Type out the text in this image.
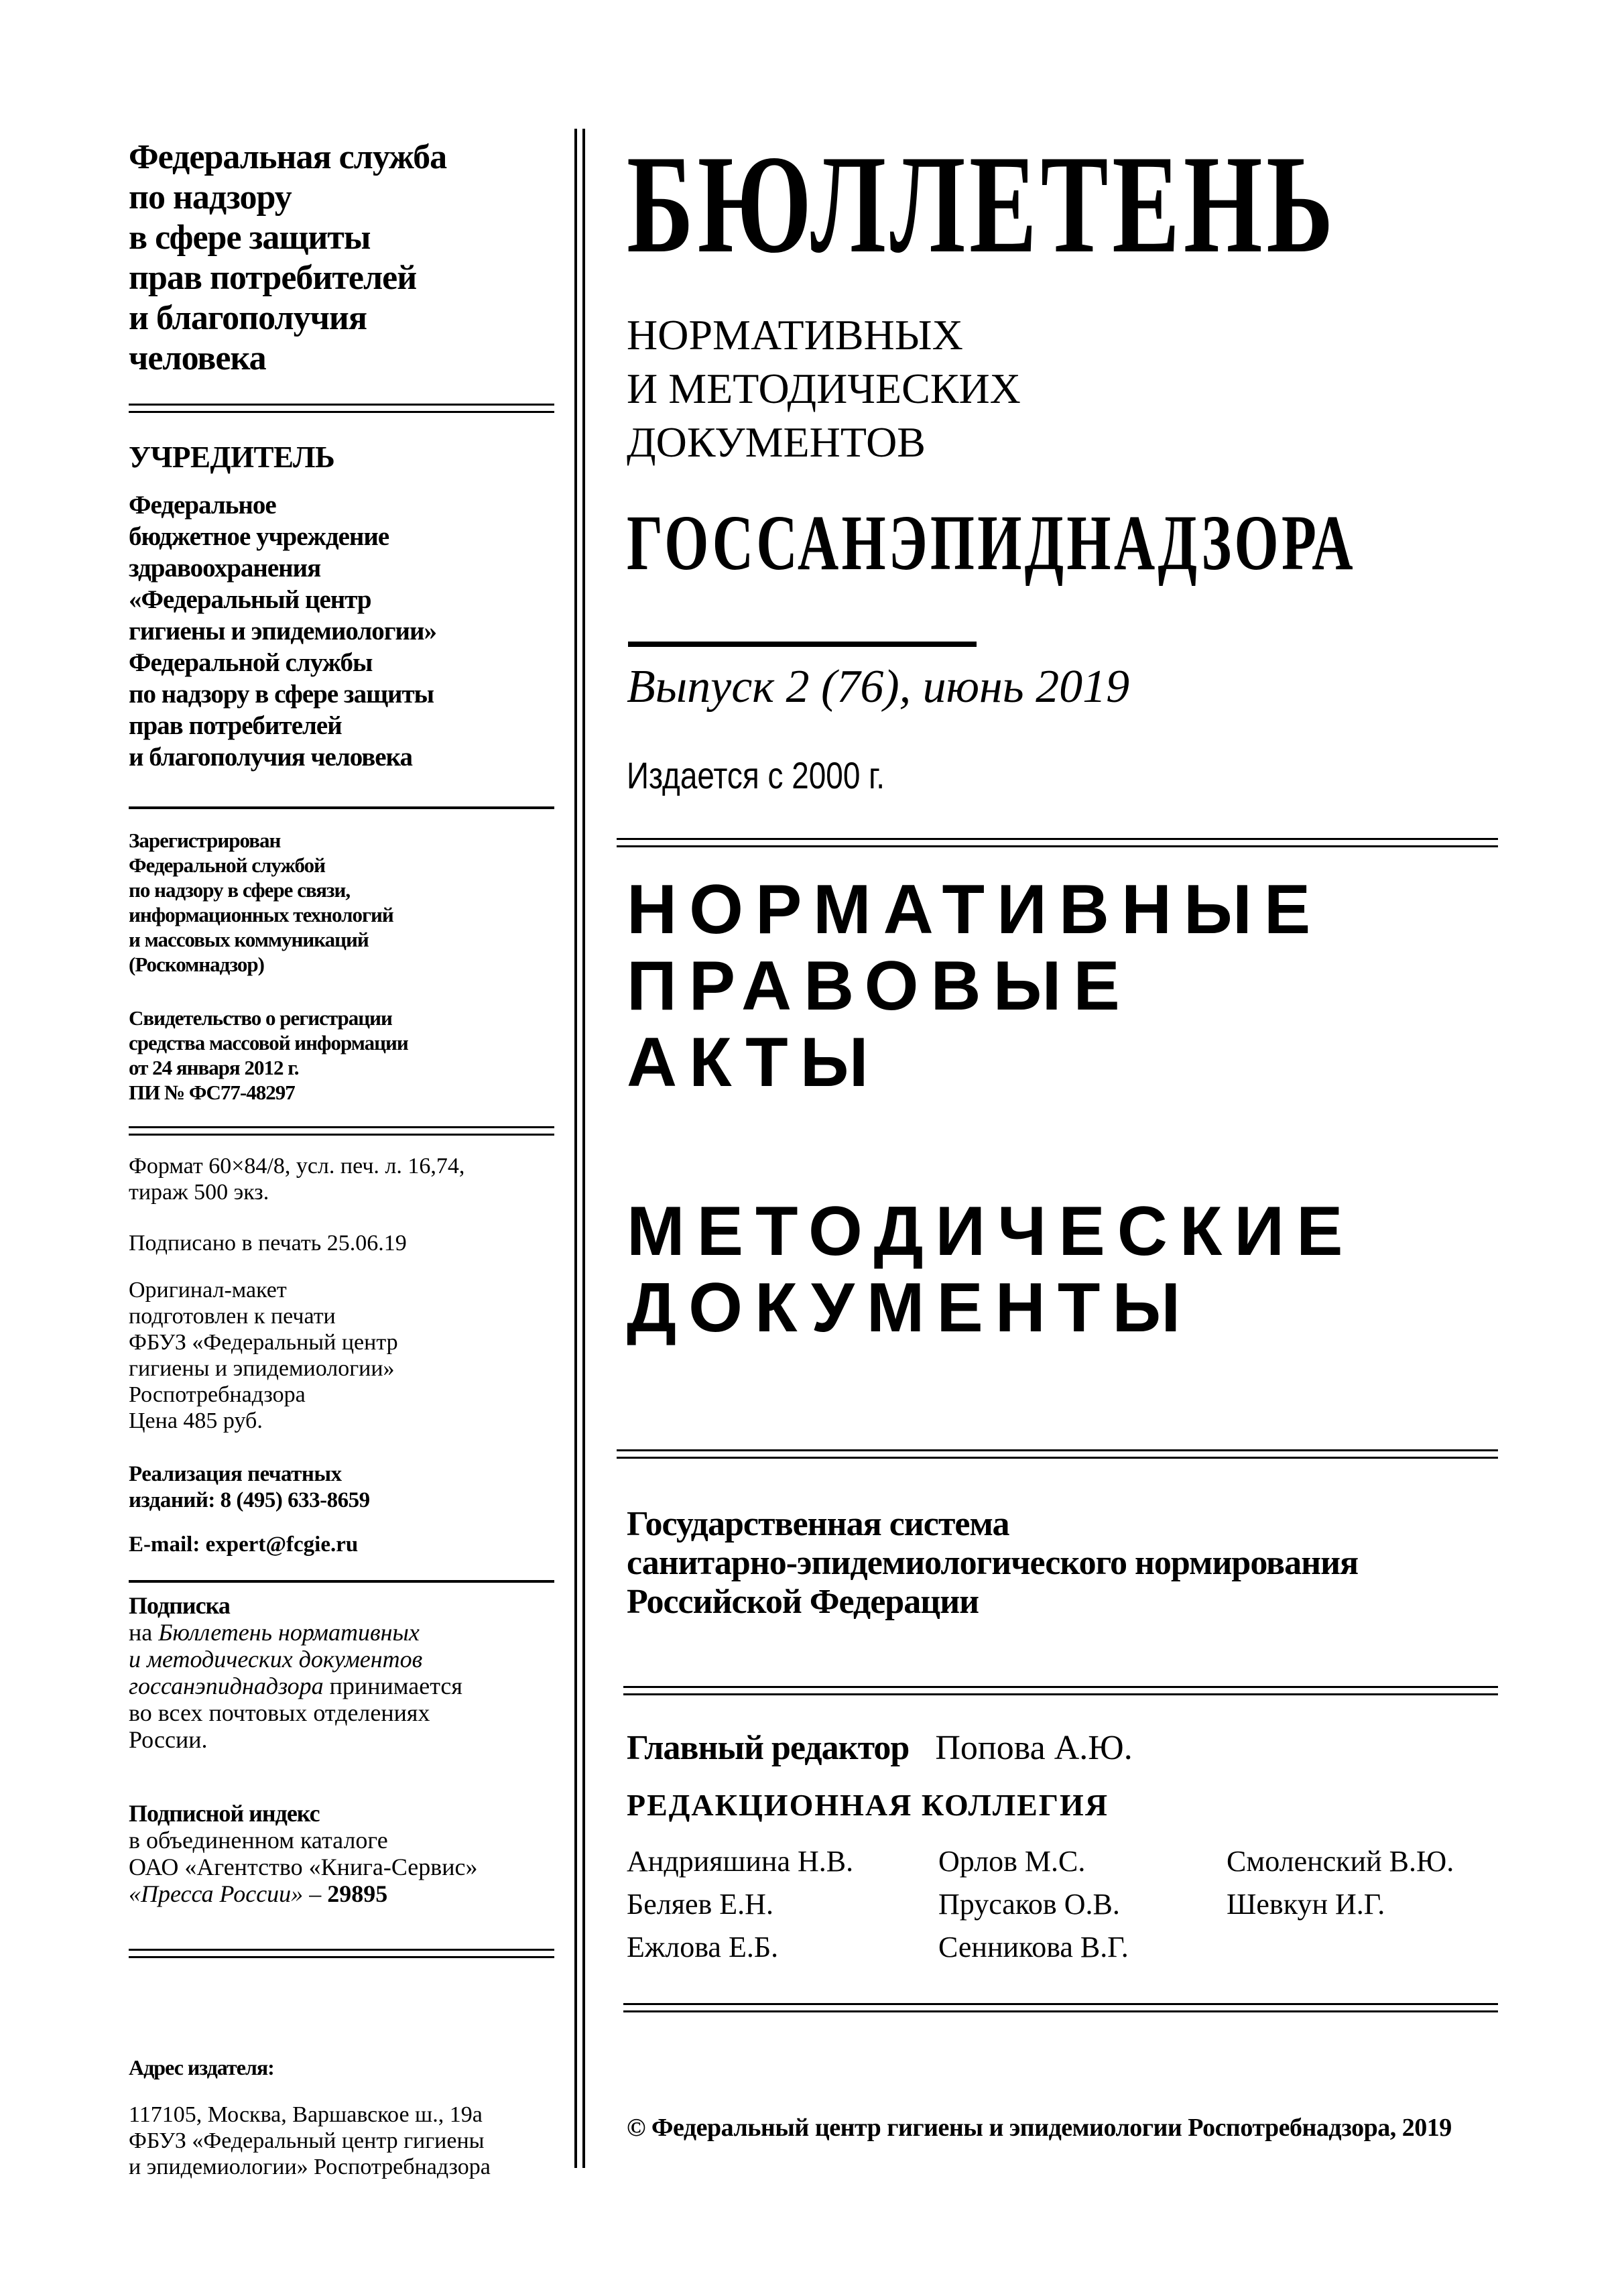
Федеральная служба
по надзору
в сфере защиты
прав потребителей
и благополучия
человека
УЧРЕДИТЕЛЬ
Федеральное
бюджетное учреждение
здравоохранения
«Федеральный центр
гигиены и эпидемиологии»
Федеральной службы
по надзору в сфере защиты
прав потребителей
и благополучия человека
Зарегистрирован
Федеральной службой
по надзору в сфере связи,
информационных технологий
и массовых коммуникаций
(Роскомнадзор)
Свидетельство о регистрации
средства массовой информации
от 24 января 2012 г.
ПИ № ФС77-48297
Формат 60×84/8, усл. печ. л. 16,74,
тираж 500 экз.
Подписано в печать 25.06.19
Оригинал-макет
подготовлен к печати
ФБУЗ «Федеральный центр
гигиены и эпидемиологии»
Роспотребнадзора
Цена 485 руб.
Реализация печатных
изданий: 8 (495) 633-8659
E-mail: expert@fcgie.ru
Подписка
на Бюллетень нормативных
и методических документов
госсанэпиднадзора принимается
во всех почтовых отделениях
России.
Подписной индекс
в объединенном каталоге
ОАО «Агентство «Книга-Сервис»
«Пресса России» – 29895
Адрес издателя:
117105, Москва, Варшавское ш., 19а
ФБУЗ «Федеральный центр гигиены
и эпидемиологии» Роспотребнадзора
БЮЛЛЕТЕНЬ
НОРМАТИВНЫХ
И МЕТОДИЧЕСКИХ
ДОКУМЕНТОВ
ГОССАНЭПИДНАДЗОРА
Выпуск 2 (76), июнь 2019
Издается с 2000 г.
НОРМАТИВНЫЕ
ПРАВОВЫЕ
АКТЫ
МЕТОДИЧЕСКИЕ
ДОКУМЕНТЫ
Государственная система
санитарно-эпидемиологического нормирования
Российской Федерации
Главный редактор Попова А.Ю.
РЕДАКЦИОННАЯ КОЛЛЕГИЯ
Андрияшина Н.В.	Орлов М.С.	Смоленский В.Ю.
Беляев Е.Н.	Прусаков О.В.	Шевкун И.Г.
Ежлова Е.Б.	Сенникова В.Г.
© Федеральный центр гигиены и эпидемиологии Роспотребнадзора, 2019
